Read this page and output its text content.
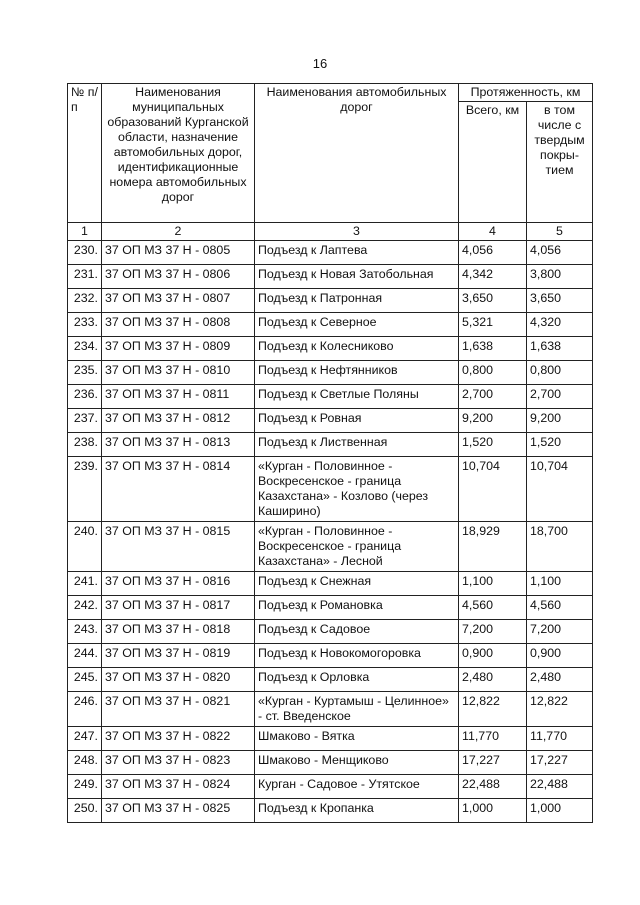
16
№ п/п	Наименования муниципальных образований Курганской области, назначение автомобильных дорог, идентификационные номера автомобильных дорог	Наименования автомобильных дорог	Протяженность, км	
			Всего, км	в том числе с твердым покры-тием
1	2	3	4	5
230.	37 ОП МЗ 37 Н - 0805	Подъезд к Лаптева	4,056	4,056
231.	37 ОП МЗ 37 Н - 0806	Подъезд к Новая Затобольная	4,342	3,800
232.	37 ОП МЗ 37 Н - 0807	Подъезд к Патронная	3,650	3,650
233.	37 ОП МЗ 37 Н - 0808	Подъезд к Северное	5,321	4,320
234.	37 ОП МЗ 37 Н - 0809	Подъезд к Колесниково	1,638	1,638
235.	37 ОП МЗ 37 Н - 0810	Подъезд к Нефтянников	0,800	0,800
236.	37 ОП МЗ 37 Н - 0811	Подъезд к Светлые Поляны	2,700	2,700
237.	37 ОП МЗ 37 Н - 0812	Подъезд к Ровная	9,200	9,200
238.	37 ОП МЗ 37 Н - 0813	Подъезд к Лиственная	1,520	1,520
239.	37 ОП МЗ 37 Н - 0814	«Курган - Половинное - Воскресенское - граница Казахстана» - Козлово (через Каширино)	10,704	10,704
240.	37 ОП МЗ 37 Н - 0815	«Курган - Половинное - Воскресенское - граница Казахстана» - Лесной	18,929	18,700
241.	37 ОП МЗ 37 Н - 0816	Подъезд к Снежная	1,100	1,100
242.	37 ОП МЗ 37 Н - 0817	Подъезд к Романовка	4,560	4,560
243.	37 ОП МЗ 37 Н - 0818	Подъезд к Садовое	7,200	7,200
244.	37 ОП МЗ 37 Н - 0819	Подъезд к Новокомогоровка	0,900	0,900
245.	37 ОП МЗ 37 Н - 0820	Подъезд к Орловка	2,480	2,480
246.	37 ОП МЗ 37 Н - 0821	«Курган - Куртамыш - Целинное» - ст. Введенское	12,822	12,822
247.	37 ОП МЗ 37 Н - 0822	Шмаково - Вятка	11,770	11,770
248.	37 ОП МЗ 37 Н - 0823	Шмаково - Менщиково	17,227	17,227
249.	37 ОП МЗ 37 Н - 0824	Курган - Садовое - Утятское	22,488	22,488
250.	37 ОП МЗ 37 Н - 0825	Подъезд к Кропанка	1,000	1,000
